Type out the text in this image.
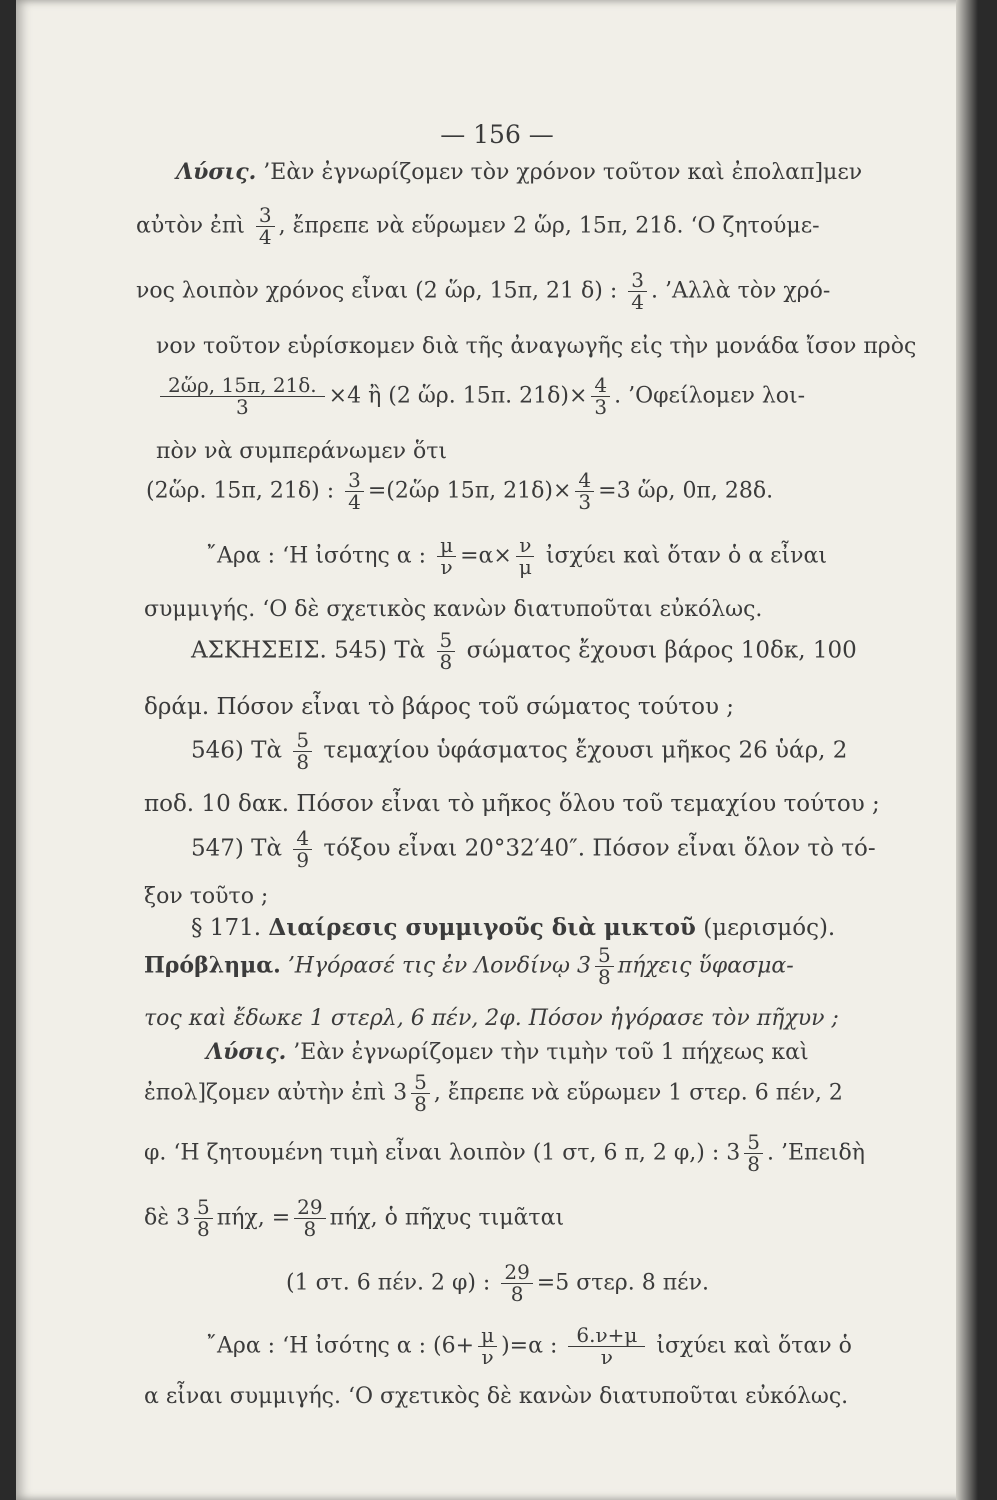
— 156 —
Λύσις. ’Εὰν ἐγνωρίζομεν τὸν χρόνον τοῦτον καὶ ἐπολαπ]μεν
αὐτὸν ἐπὶ $\frac{3}{4}$ , ἔπρεπε νὰ εὕρωμεν 2 ὥρ, 15π, 21δ. ‘Ο ζητούμε-
νος λοιπὸν χρόνος εἶναι (2 ὥρ, 15π, 21 δ) : $\frac{3}{4}$ . ’Αλλὰ τὸν χρό-
νον τοῦτον εὑρίσκομεν διὰ τῆς ἀναγωγῆς εἰς τὴν μονάδα ἴσον πρὸς
$\frac{\text{2ὥρ, 15π, 21δ.}}{3} \times 4$ ἢ (2 ὥρ. 15π. $21\delta)\times \frac{4}{3}$ . ’Οφείλομεν λοι-
πὸν νὰ συμπεράνωμεν ὅτι
(2ὥρ. 15π, 21δ) : $\frac{3}{4}$ =(2ὥρ 15π, $21\delta)\times \frac{4}{3} =3$ ὥρ, 0π, 28δ.
῎Αρα : ‘Η ἰσότης α : $\frac{\mu}{\nu} =\alpha\times \frac{\nu}{\mu}$ ἰσχύει καὶ ὅταν ὁ α εἶναι
συμμιγής. ‘Ο δὲ σχετικὸς κανὼν διατυποῦται εὐκόλως.
ΑΣΚΗΣΕΙΣ. 545) Τὰ $\frac{5}{8}$ σώματος ἔχουσι βάρος 10δκ, 100
δράμ. Πόσον εἶναι τὸ βάρος τοῦ σώματος τούτου ;
546) Τὰ $\frac{5}{8}$ τεμαχίου ὑφάσματος ἔχουσι μῆκος 26 ὑάρ, 2
ποδ. 10 δακ. Πόσον εἶναι τὸ μῆκος ὅλου τοῦ τεμαχίου τούτου ;
547) Τὰ $\frac{4}{9}$ τόξου εἶναι 20°32′40″. Πόσον εἶναι ὅλον τὸ τό-
ξον τοῦτο ;
§ 171. Διαίρεσις συμμιγοῦς διὰ μικτοῦ (μερισμός).
Πρόβλημα. ’Ηγόρασέ τις ἐν Λονδίνῳ $3 \frac{5}{8}$ πήχεις ὕφασμα-
τος καὶ ἔδωκε 1 στερλ, 6 πέν, 2φ. Πόσον ἠγόρασε τὸν πῆχυν ;
Λύσις. ’Εὰν ἐγνωρίζομεν τὴν τιμὴν τοῦ 1 πήχεως καὶ
ἐπολ]ζομεν αὐτὴν ἐπὶ $3 \frac{5}{8}$ , ἔπρεπε νὰ εὕρωμεν 1 στερ. 6 πέν, 2
φ. ‘Η ζητουμένη τιμὴ εἶναι λοιπὸν (1 στ, 6 π, 2 φ,) : $3 \frac{5}{8}$ . ’Επειδὴ
δὲ $3 \frac{5}{8} \pi ή\chi$, = $\frac{29}{8} \pi ή\chi$, ὁ πῆχυς τιμᾶται
(1 στ. 6 πέν. 2 φ) : $\frac{29}{8} =5$ στερ. 8 πέν.
῎Αρα : ‘Η ἰσότης α : $(6+ \frac{\mu}{\nu} )=\alpha$ : $\frac{6.\nu+\mu}{\nu}$ ἰσχύει καὶ ὅταν ὁ
α εἶναι συμμιγής. ‘Ο σχετικὸς δὲ κανὼν διατυποῦται εὐκόλως.
